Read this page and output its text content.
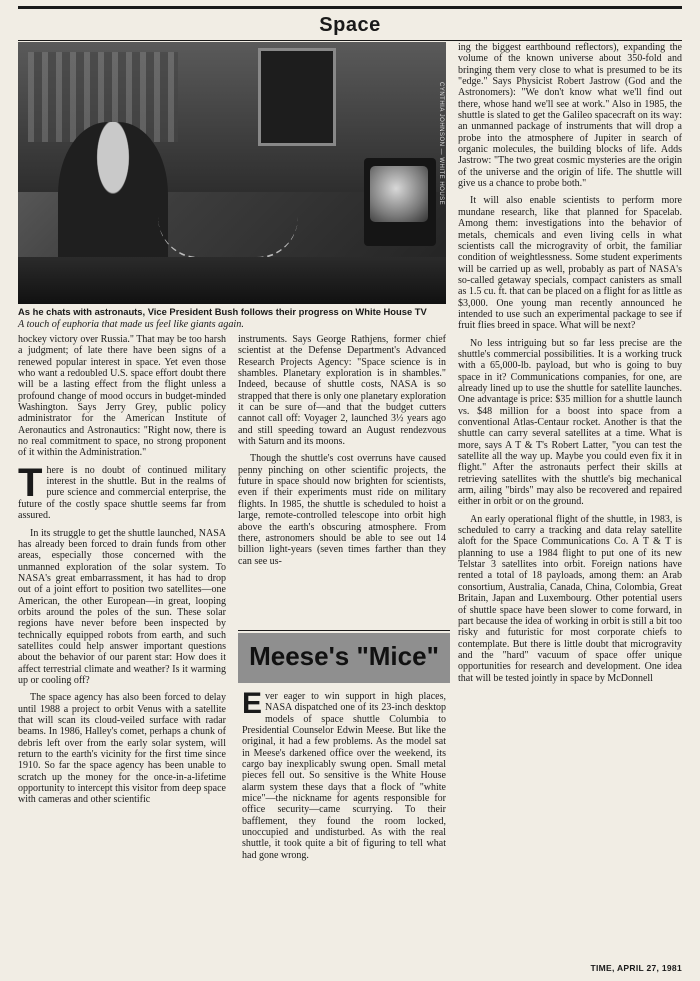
Space
CYNTHIA JOHNSON — WHITE HOUSE
As he chats with astronauts, Vice President Bush follows their progress on White House TV
A touch of euphoria that made us feel like giants again.

hockey victory over Russia." That may be too harsh a judgment; of late there have been signs of a renewed popular interest in space. Yet even those who want a redoubled U.S. space effort doubt there will be a lasting effect from the flight unless a profound change of mood occurs in budget-minded Washington. Says Jerry Grey, public policy administrator for the American Institute of Aeronautics and Astronautics: "Right now, there is no real commitment to space, no strong proponent of it within the Administration."

There is no doubt of continued military interest in the shuttle. But in the realms of pure science and commercial enterprise, the future of the costly space shuttle seems far from assured.

In its struggle to get the shuttle launched, NASA has already been forced to drain funds from other areas, especially those concerned with the unmanned exploration of the solar system. To NASA's great embarrassment, it has had to drop out of a joint effort to position two satellites—one American, the other European—in great, looping orbits around the poles of the sun. These solar regions have never before been inspected by technically equipped robots from earth, and such satellites could help answer important questions about the behavior of our parent star: How does it affect terrestrial climate and weather? Is it warming up or cooling off?

The space agency has also been forced to delay until 1988 a project to orbit Venus with a satellite that will scan its cloud-veiled surface with radar beams. In 1986, Halley's comet, perhaps a chunk of debris left over from the early solar system, will return to the earth's vicinity for the first time since 1910. So far the space agency has been unable to scratch up the money for the once-in-a-lifetime opportunity to intercept this visitor from deep space with cameras and other scientific

instruments. Says George Rathjens, former chief scientist at the Defense Department's Advanced Research Projects Agency: "Space science is in shambles. Planetary exploration is in shambles." Indeed, because of shuttle costs, NASA is so strapped that there is only one planetary exploration it can be sure of—and that the budget cutters cannot call off: Voyager 2, launched 3½ years ago and still speeding toward an August rendezvous with Saturn and its moons.

Though the shuttle's cost overruns have caused penny pinching on other scientific projects, the future in space should now brighten for scientists, even if their experiments must ride on military flights. In 1985, the shuttle is scheduled to hoist a large, remote-controlled telescope into orbit high above the earth's obscuring atmosphere. From there, astronomers should be able to see out 14 billion light-years (seven times farther than they can see us-

Meese's "Mice"

Ever eager to win support in high places, NASA dispatched one of its 23-inch desktop models of space shuttle Columbia to Presidential Counselor Edwin Meese. But like the original, it had a few problems. As the model sat in Meese's darkened office over the weekend, its cargo bay inexplicably swung open. Small metal pieces fell out. So sensitive is the White House alarm system these days that a flock of "white mice"—the nickname for agents responsible for office security—came scurrying. To their bafflement, they found the room locked, unoccupied and undisturbed. As with the real shuttle, it took quite a bit of figuring to tell what had gone wrong.

ing the biggest earthbound reflectors), expanding the volume of the known universe about 350-fold and bringing them very close to what is presumed to be its "edge." Says Physicist Robert Jastrow (God and the Astronomers): "We don't know what we'll find out there, whose hand we'll see at work." Also in 1985, the shuttle is slated to get the Galileo spacecraft on its way: an unmanned package of instruments that will drop a probe into the atmosphere of Jupiter in search of organic molecules, the building blocks of life. Adds Jastrow: "The two great cosmic mysteries are the origin of the universe and the origin of life. The shuttle will give us a chance to probe both."

It will also enable scientists to perform more mundane research, like that planned for Spacelab. Among them: investigations into the behavior of metals, chemicals and even living cells in what scientists call the microgravity of orbit, the familiar condition of weightlessness. Some student experiments will be carried up as well, probably as part of NASA's so-called getaway specials, compact canisters as small as 1.5 cu. ft. that can be placed on a flight for as little as $3,000. One young man recently announced he intended to use such an experimental package to see if fruit flies breed in space. What will be next?

No less intriguing but so far less precise are the shuttle's commercial possibilities. It is a working truck with a 65,000-lb. payload, but who is going to buy space in it? Communications companies, for one, are already lined up to use the shuttle for satellite launches. One advantage is price: $35 million for a shuttle launch vs. $48 million for a boost into space from a conventional Atlas-Centaur rocket. Another is that the shuttle can carry several satellites at a time. What is more, says A T & T's Robert Latter, "you can test the satellite all the way up. Maybe you could even fix it in flight." After the astronauts perfect their skills at retrieving satellites with the shuttle's big mechanical arm, ailing "birds" may also be recovered and repaired either in orbit or on the ground.

An early operational flight of the shuttle, in 1983, is scheduled to carry a tracking and data relay satellite aloft for the Space Communications Co. A T & T is planning to use a 1984 flight to put one of its new Telstar 3 satellites into orbit. Foreign nations have rented a total of 18 payloads, among them: an Arab consortium, Australia, Canada, China, Colombia, Great Britain, Japan and Luxembourg. Other potential users of shuttle space have been slower to come forward, in part because the idea of working in orbit is still a bit too risky and futuristic for most corporate chiefs to contemplate. But there is little doubt that microgravity and the "hard" vacuum of space offer unique opportunities for research and development. One idea that will be tested jointly in space by McDonnell

TIME, APRIL 27, 1981
